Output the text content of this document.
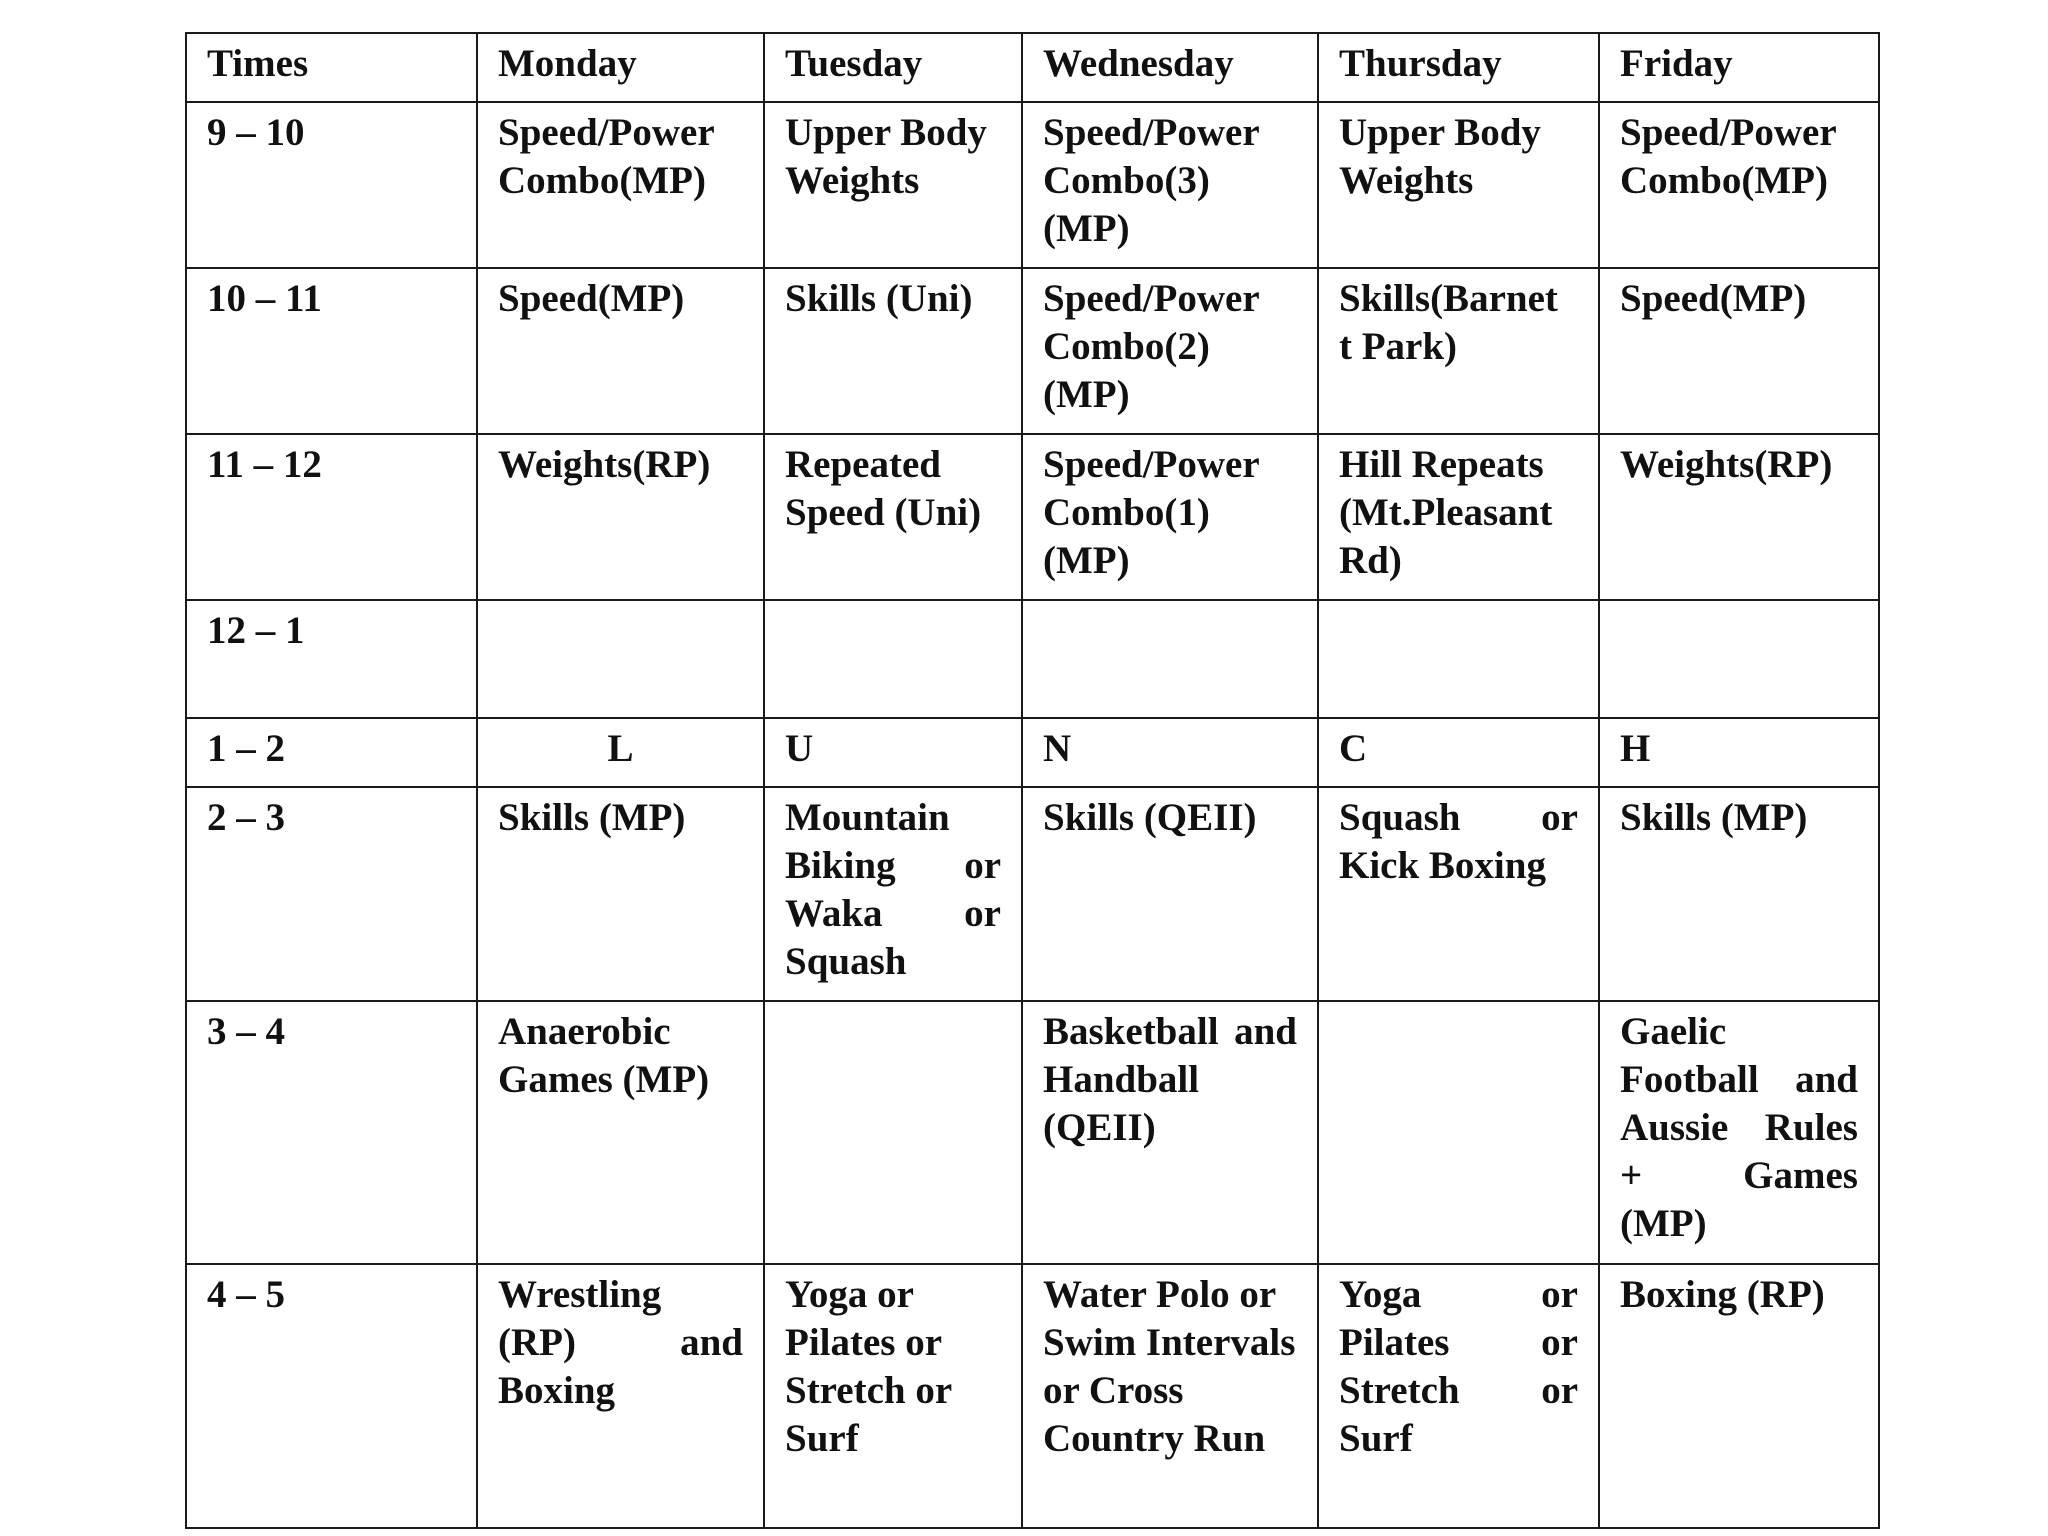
Times	Monday	Tuesday	Wednesday	Thursday	Friday
9 – 10	Speed/Power Combo(MP)	Upper Body Weights	Speed/Power Combo(3) (MP)	Upper Body Weights	Speed/Power Combo(MP)
10 – 11	Speed(MP)	Skills (Uni)	Speed/Power Combo(2) (MP)	Skills(Barnet t Park)	Speed(MP)
11 – 12	Weights(RP)	Repeated Speed (Uni)	Speed/Power Combo(1) (MP)	Hill Repeats (Mt.Pleasant Rd)	Weights(RP)
12 – 1					
1 – 2	L	U	N	C	H
2 – 3	Skills (MP)	Mountain Biking or Waka or Squash	Skills (QEII)	Squash or Kick Boxing	Skills (MP)
3 – 4	Anaerobic Games (MP)		Basketball and Handball (QEII)		Gaelic Football and Aussie Rules + Games (MP)
4 – 5	Wrestling (RP) and Boxing	Yoga or Pilates or Stretch or Surf	Water Polo or Swim Intervals or Cross Country Run	Yoga or Pilates or Stretch or Surf	Boxing (RP)
